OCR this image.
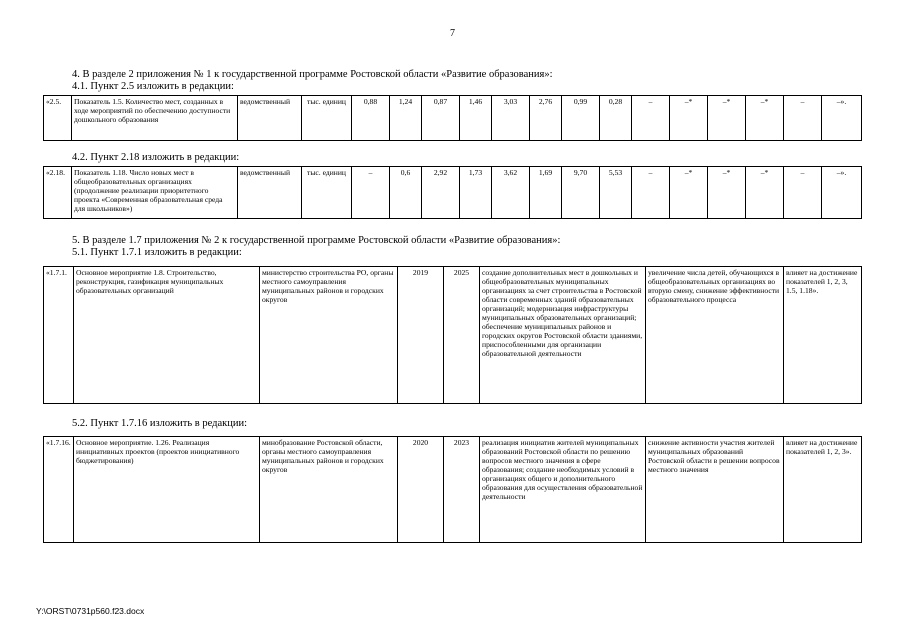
7
4. В разделе 2 приложения № 1 к государственной программе Ростовской области «Развитие образования»:
4.1. Пункт 2.5 изложить в редакции:
«2.5.	Показатель 1.5. Количество мест, созданных в ходе мероприятий по обеспечению доступности дошкольного образования	ведомственный	тыс. единиц	0,88	1,24	0,87	1,46	3,03	2,76	0,99	0,28	–	–*	–*	–*	–	–».
4.2. Пункт 2.18 изложить в редакции:
«2.18.	Показатель 1.18. Число новых мест в общеобразовательных организациях (продолжение реализации приоритетного проекта «Современная образовательная среда для школьников»)	ведомственный	тыс. единиц	–	0,6	2,92	1,73	3,62	1,69	9,70	5,53	–	–*	–*	–*	–	–».
5. В разделе 1.7 приложения № 2 к государственной программе Ростовской области «Развитие образования»:
5.1. Пункт 1.7.1 изложить в редакции:
«1.7.1.	Основное мероприятие 1.8. Строительство, реконструкция, газификация муниципальных образовательных организаций	министерство строительства РО, органы местного самоуправления муниципальных районов и городских округов	2019	2025	создание дополнительных мест в дошкольных и общеобразовательных муниципальных организациях за счет строительства в Ростовской области современных зданий образовательных организаций; модернизация инфраструктуры муниципальных образовательных организаций; обеспечение муниципальных районов и городских округов Ростовской области зданиями, приспособленными для организации образовательной деятельности	увеличение числа детей, обучающихся в общеобразовательных организациях во вторую смену, снижение эффективности образовательного процесса	влияет на достижение показателей 1, 2, 3, 1.5, 1.18».
5.2. Пункт 1.7.16 изложить в редакции:
«1.7.16.	Основное мероприятие. 1.26. Реализация инициативных проектов (проектов инициативного бюджетирования)	минобразование Ростовской области, органы местного самоуправления муниципальных районов и городских округов	2020	2023	реализация инициатив жителей муниципальных образований Ростовской области по решению вопросов местного значения в сфере образования; создание необходимых условий в организациях общего и дополнительного образования для осуществления образовательной деятельности	снижение активности участия жителей муниципальных образований Ростовской области в решении вопросов местного значения	влияет на достижение показателей 1, 2, 3».
Y:\ORST\0731p560.f23.docx
